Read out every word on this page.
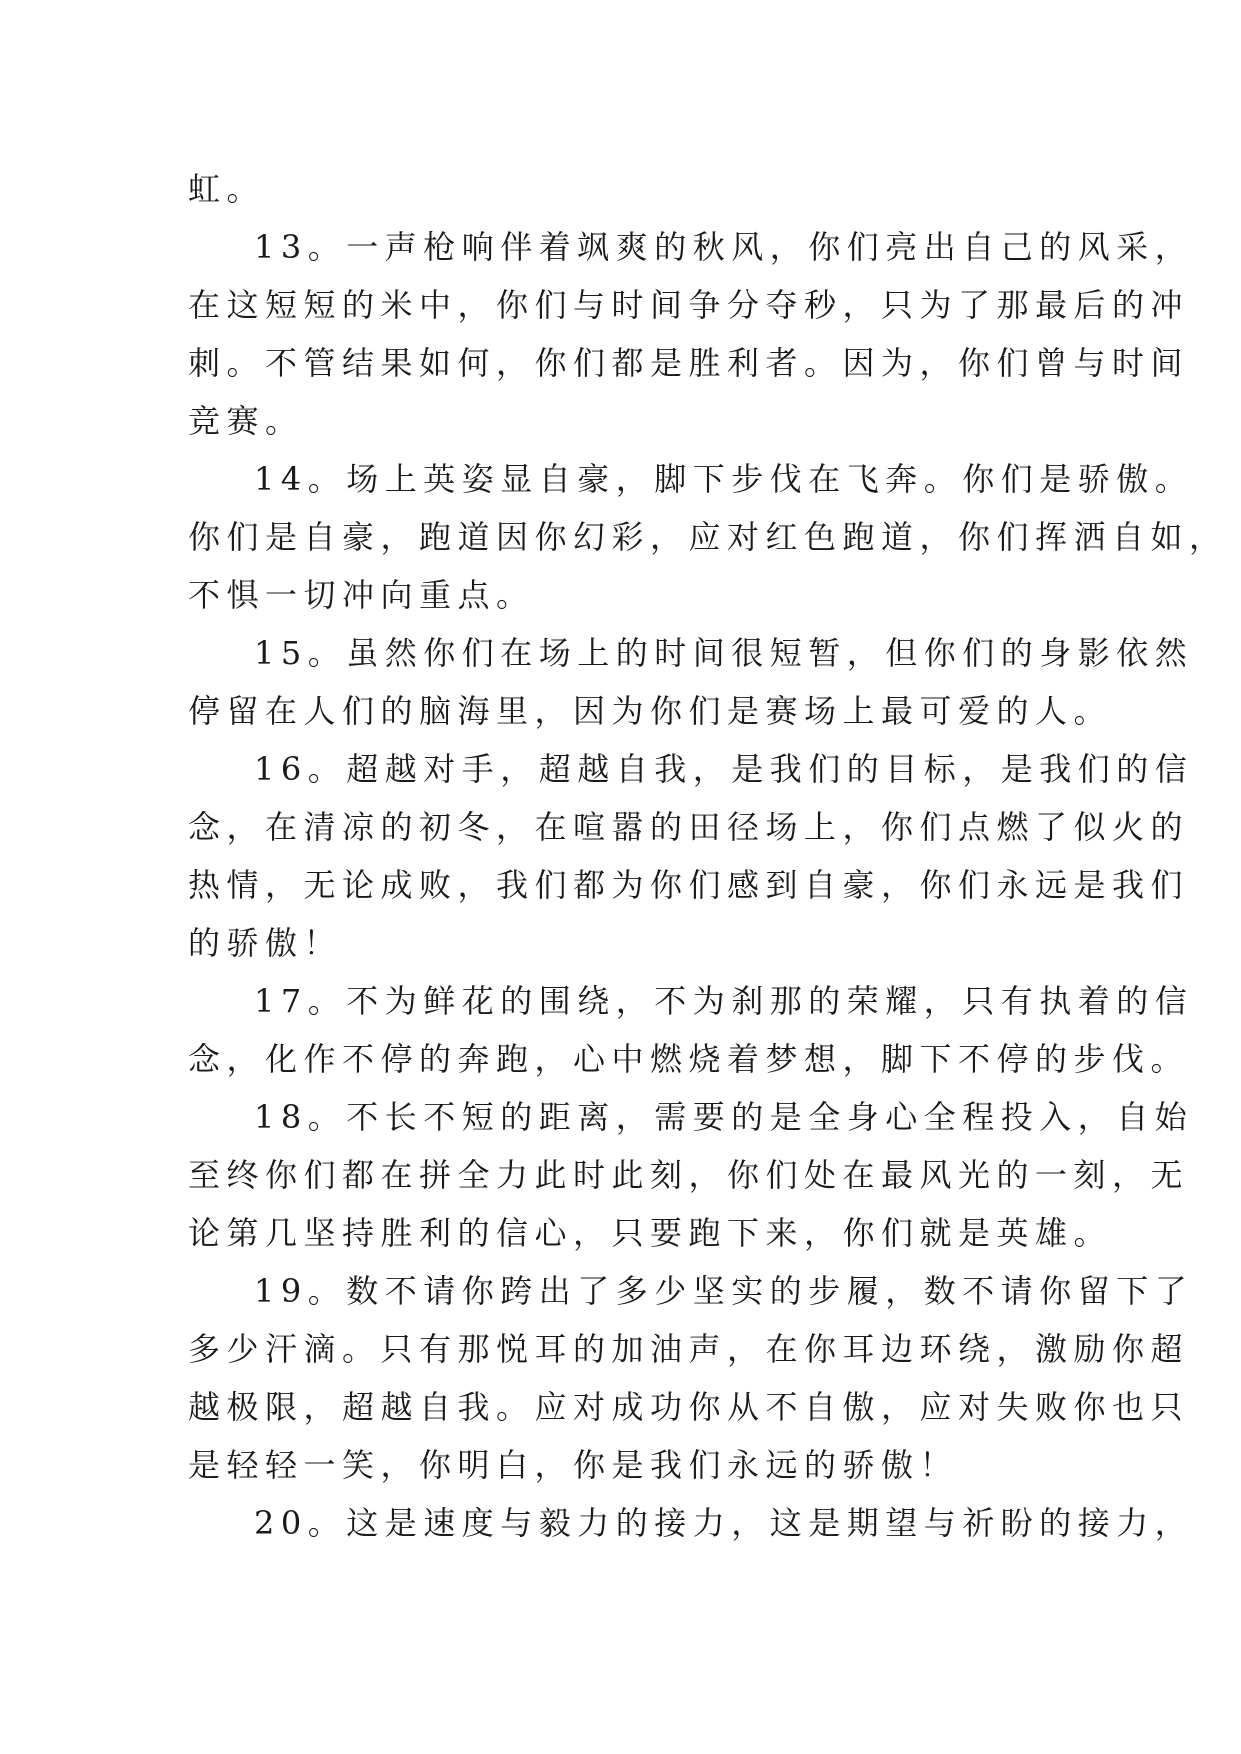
虹。
13。一声枪响伴着飒爽的秋风，你们亮出自己的风采，
在这短短的米中，你们与时间争分夺秒，只为了那最后的冲
刺。不管结果如何，你们都是胜利者。因为，你们曾与时间
竞赛。
14。场上英姿显自豪，脚下步伐在飞奔。你们是骄傲。
你们是自豪，跑道因你幻彩，应对红色跑道，你们挥洒自如，
不惧一切冲向重点。
15。虽然你们在场上的时间很短暂，但你们的身影依然
停留在人们的脑海里，因为你们是赛场上最可爱的人。
16。超越对手，超越自我，是我们的目标，是我们的信
念，在清凉的初冬，在喧嚣的田径场上，你们点燃了似火的
热情，无论成败，我们都为你们感到自豪，你们永远是我们
的骄傲！
17。不为鲜花的围绕，不为刹那的荣耀，只有执着的信
念，化作不停的奔跑，心中燃烧着梦想，脚下不停的步伐。
18。不长不短的距离，需要的是全身心全程投入，自始
至终你们都在拼全力此时此刻，你们处在最风光的一刻，无
论第几坚持胜利的信心，只要跑下来，你们就是英雄。
19。数不请你跨出了多少坚实的步履，数不请你留下了
多少汗滴。只有那悦耳的加油声，在你耳边环绕，激励你超
越极限，超越自我。应对成功你从不自傲，应对失败你也只
是轻轻一笑，你明白，你是我们永远的骄傲！
20。这是速度与毅力的接力，这是期望与祈盼的接力，
